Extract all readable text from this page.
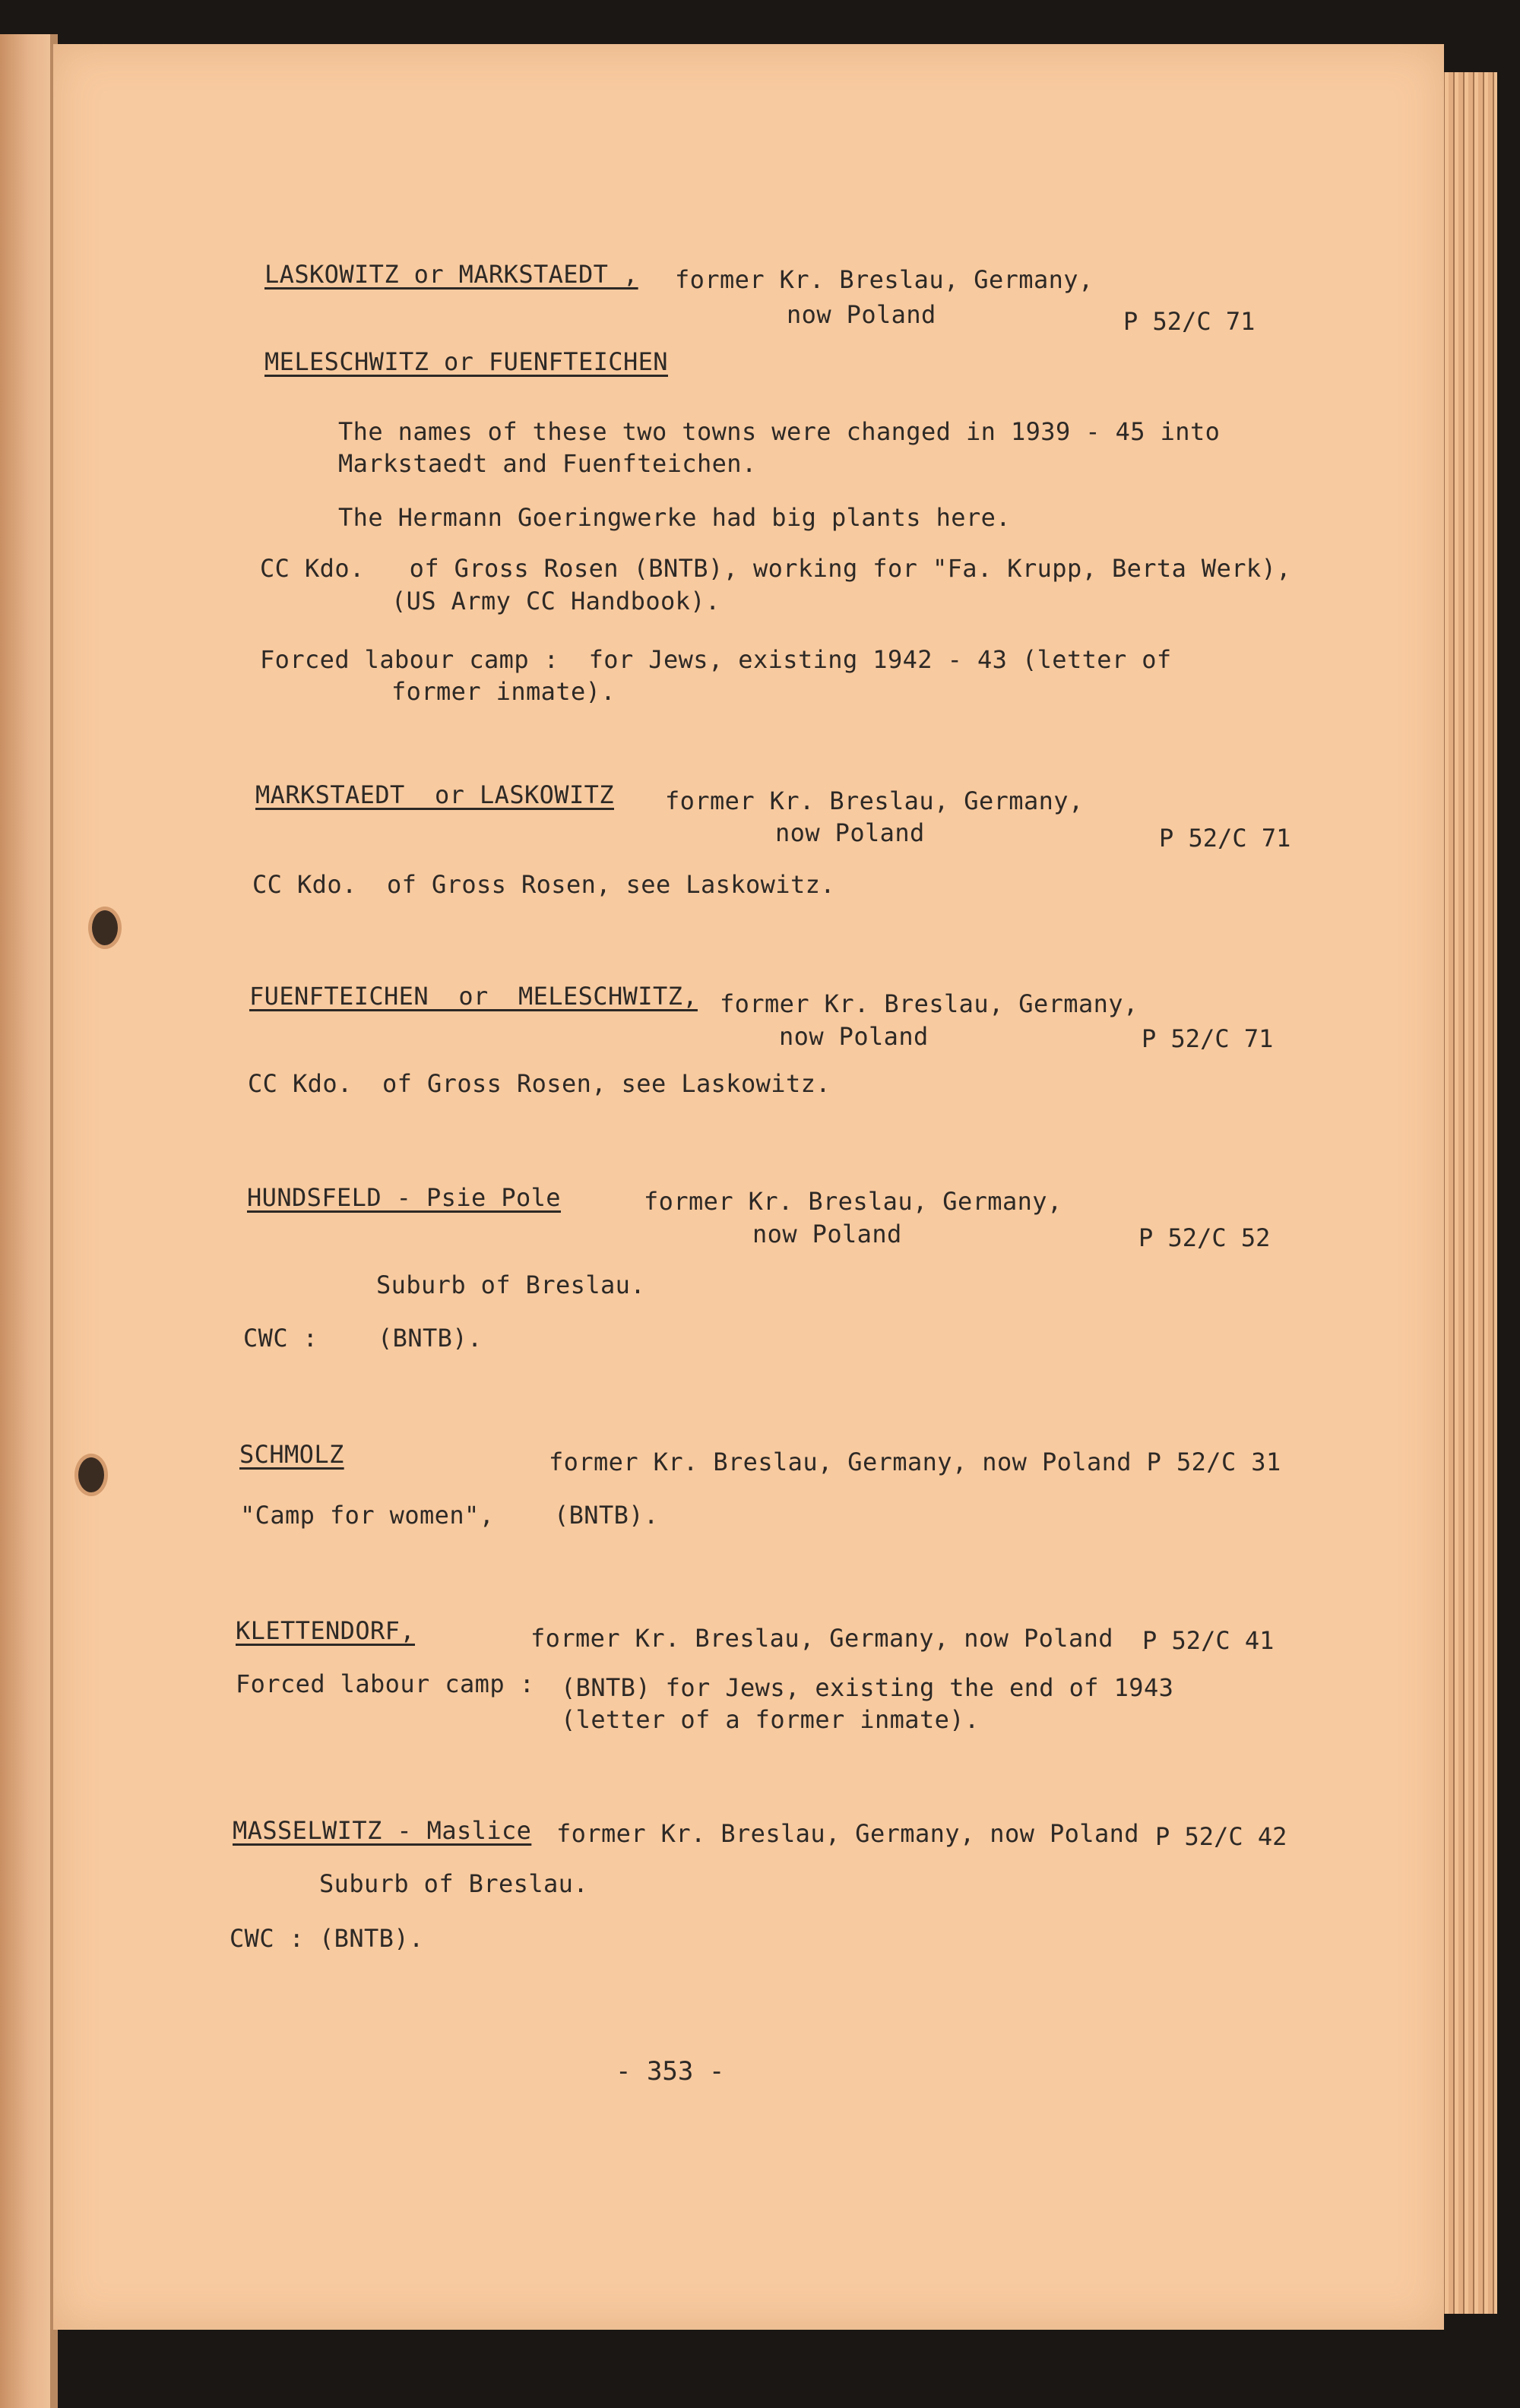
LASKOWITZ or MARKSTAEDT , former Kr. Breslau, Germany,
now Poland	P 52/C 71
MELESCHWITZ or FUENFTEICHEN
The names of these two towns were changed in 1939 - 45 into
Markstaedt and Fuenfteichen.
The Hermann Goeringwerke had big plants here.
CC Kdo.   of Gross Rosen (BNTB), working for "Fa. Krupp, Berta Werk),
(US Army CC Handbook).
Forced labour camp :  for Jews, existing 1942 - 43 (letter of
former inmate).
MARKSTAEDT  or LASKOWITZ former Kr. Breslau, Germany,
now Poland	P 52/C 71
CC Kdo.  of Gross Rosen, see Laskowitz.
FUENFTEICHEN  or  MELESCHWITZ, former Kr. Breslau, Germany,
now Poland	P 52/C 71
CC Kdo.  of Gross Rosen, see Laskowitz.
HUNDSFELD - Psie Pole	former Kr. Breslau, Germany,
now Poland	P 52/C 52
Suburb of Breslau.
CWC :    (BNTB).
SCHMOLZ	former Kr. Breslau, Germany, now Poland P 52/C 31
"Camp for women",    (BNTB).
KLETTENDORF,	former Kr. Breslau, Germany, now Poland P 52/C 41
Forced labour camp : (BNTB) for Jews, existing the end of 1943
(letter of a former inmate).
MASSELWITZ - Maslice former Kr. Breslau, Germany, now Poland P 52/C 42
Suburb of Breslau.
CWC : (BNTB).
- 353 -
